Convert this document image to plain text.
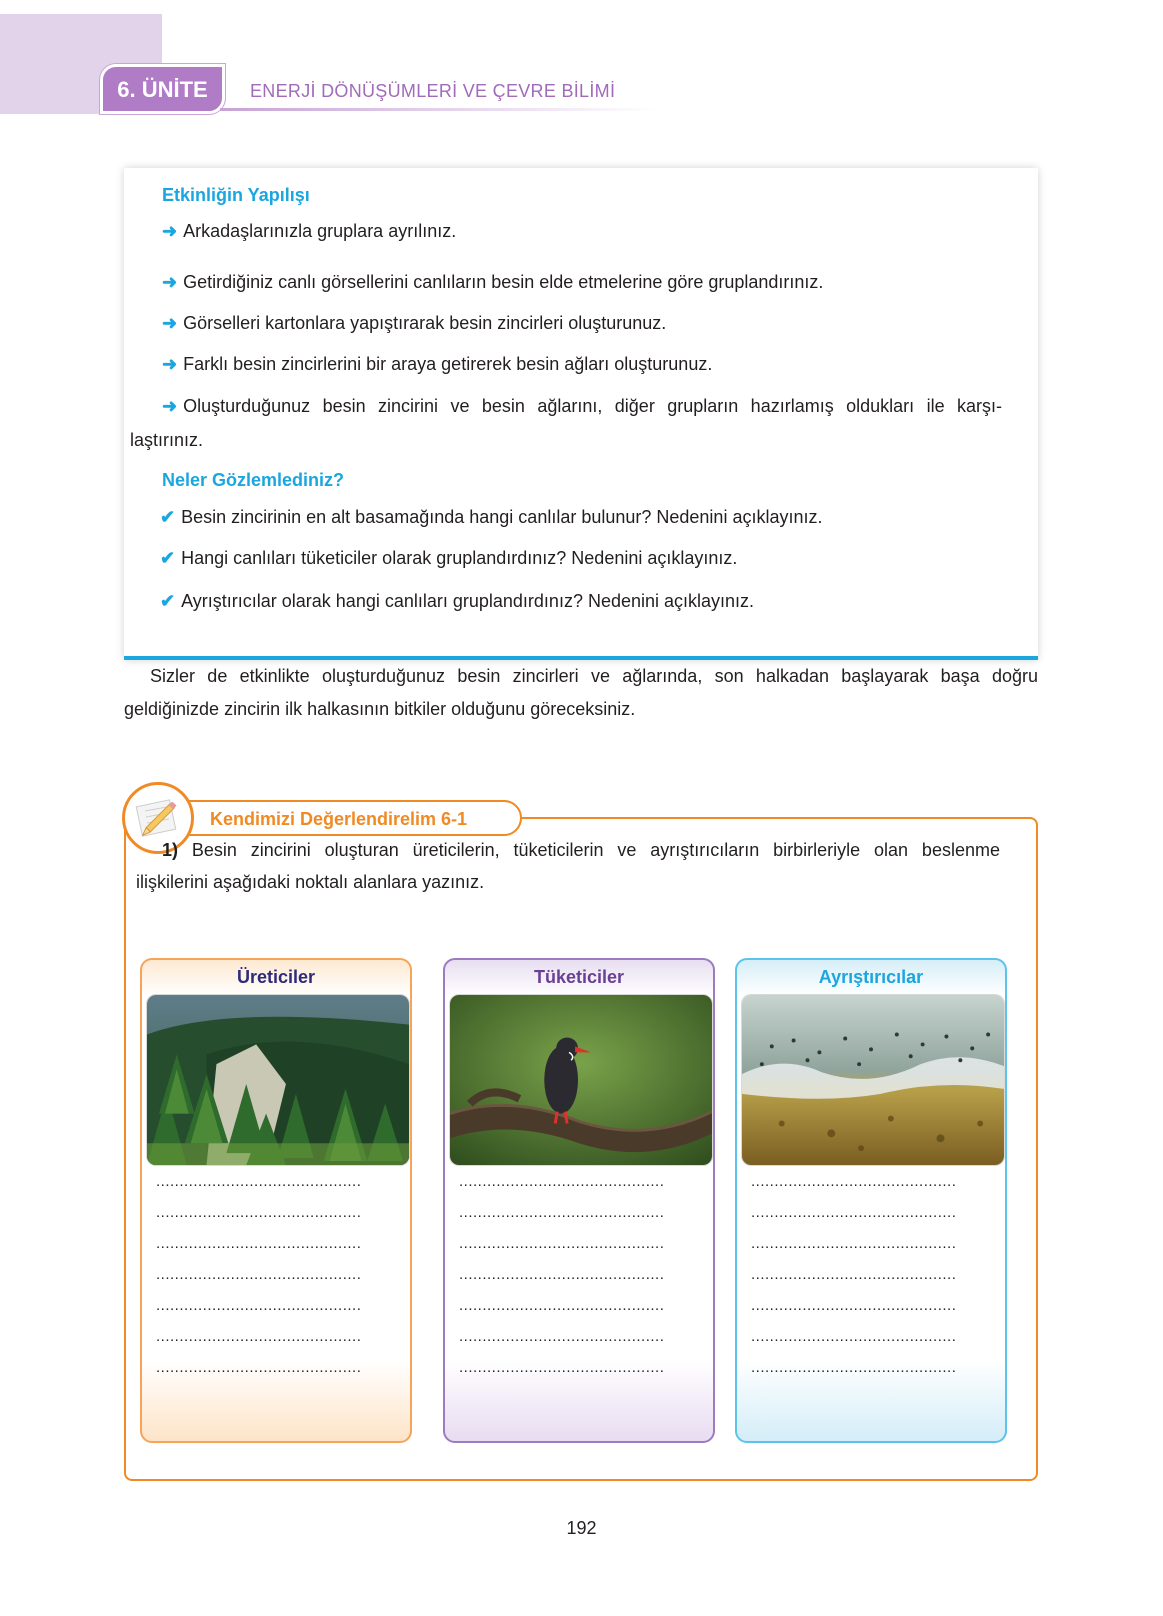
6. ÜNİTE	ENERJİ DÖNÜŞÜMLERİ VE ÇEVRE BİLİMİ
Etkinliğin Yapılışı
➜ Arkadaşlarınızla gruplara ayrılınız.
➜ Getirdiğiniz canlı görsellerini canlıların besin elde etmelerine göre gruplandırınız.
➜ Görselleri kartonlara yapıştırarak besin zincirleri oluşturunuz.
➜ Farklı besin zincirlerini bir araya getirerek besin ağları oluşturunuz.
➜ Oluşturduğunuz besin zincirini ve besin ağlarını, diğer grupların hazırlamış oldukları ile karşı-
laştırınız.
Neler Gözlemlediniz?
✔ Besin zincirinin en alt basamağında hangi canlılar bulunur? Nedenini açıklayınız.
✔ Hangi canlıları tüketiciler olarak gruplandırdınız? Nedenini açıklayınız.
✔ Ayrıştırıcılar olarak hangi canlıları gruplandırdınız? Nedenini açıklayınız.
Sizler de etkinlikte oluşturduğunuz besin zincirleri ve ağlarında, son halkadan başlayarak başa doğru
geldiğinizde zincirin ilk halkasının bitkiler olduğunu göreceksiniz.
Kendimizi Değerlendirelim 6-1
1) Besin zincirini oluşturan üreticilerin, tüketicilerin ve ayrıştırıcıların birbirleriyle olan beslenme
ilişkilerini aşağıdaki noktalı alanlara yazınız.
Üreticiler
............................................
............................................
............................................
............................................
............................................
............................................
............................................
Tüketiciler
............................................
............................................
............................................
............................................
............................................
............................................
............................................
Ayrıştırıcılar
............................................
............................................
............................................
............................................
............................................
............................................
............................................
192
